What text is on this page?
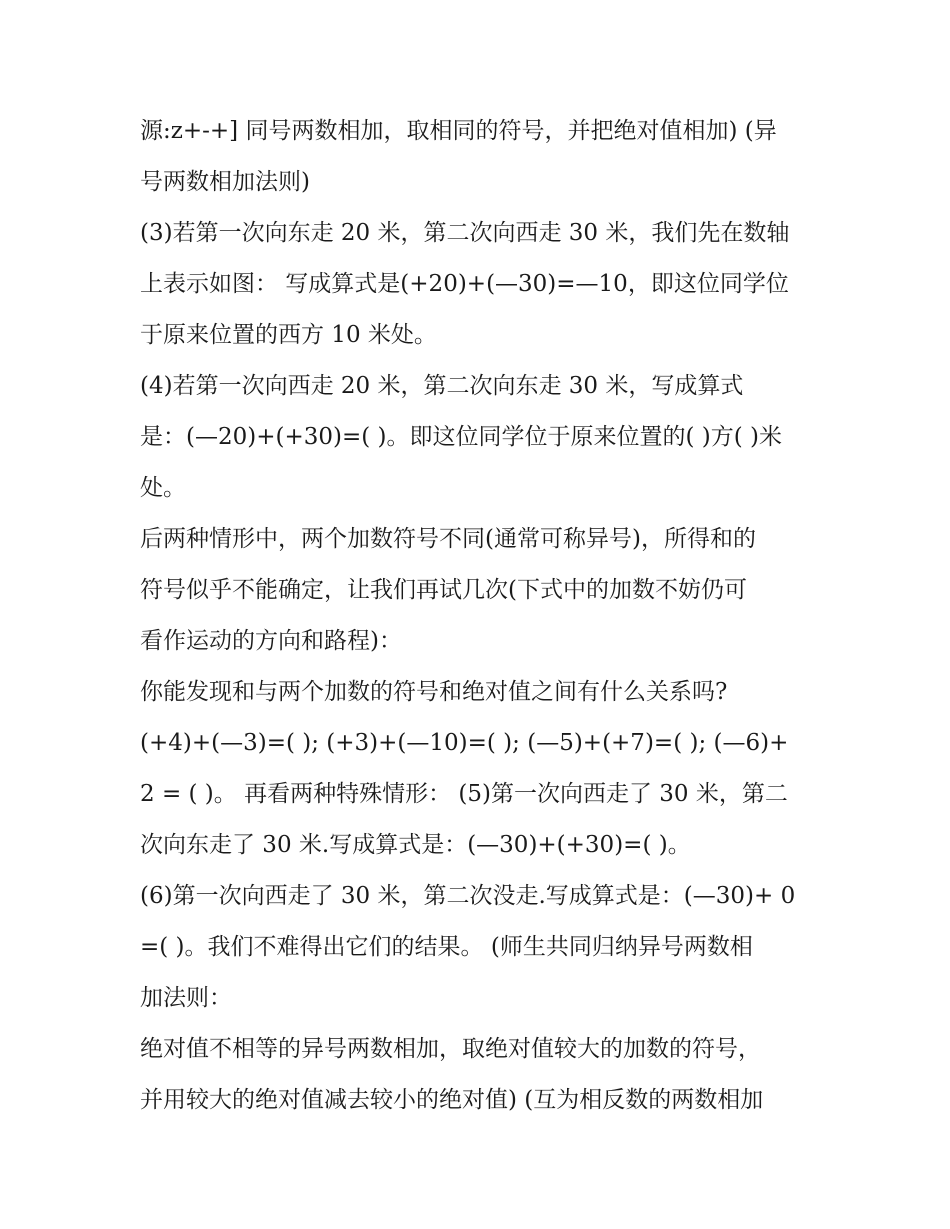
源:z+-+] 同号两数相加，取相同的符号，并把绝对值相加) (异
号两数相加法则)
(3)若第一次向东走 20 米，第二次向西走 30 米，我们先在数轴
上表示如图： 写成算式是(+20)+(—30)=—10，即这位同学位
于原来位置的西方 10 米处。
(4)若第一次向西走 20 米，第二次向东走 30 米，写成算式
是：(—20)+(+30)=( )。即这位同学位于原来位置的( )方( )米
处。
后两种情形中，两个加数符号不同(通常可称异号)，所得和的
符号似乎不能确定，让我们再试几次(下式中的加数不妨仍可
看作运动的方向和路程)：
你能发现和与两个加数的符号和绝对值之间有什么关系吗?
(+4)+(—3)=( ); (+3)+(—10)=( ); (—5)+(+7)=( ); (—6)+
2 = ( )。 再看两种特殊情形： (5)第一次向西走了 30 米，第二
次向东走了 30 米.写成算式是：(—30)+(+30)=( )。
(6)第一次向西走了 30 米，第二次没走.写成算式是：(—30)+ 0
=( )。我们不难得出它们的结果。 (师生共同归纳异号两数相
加法则：
绝对值不相等的异号两数相加，取绝对值较大的加数的符号，
并用较大的绝对值减去较小的绝对值) (互为相反数的两数相加
